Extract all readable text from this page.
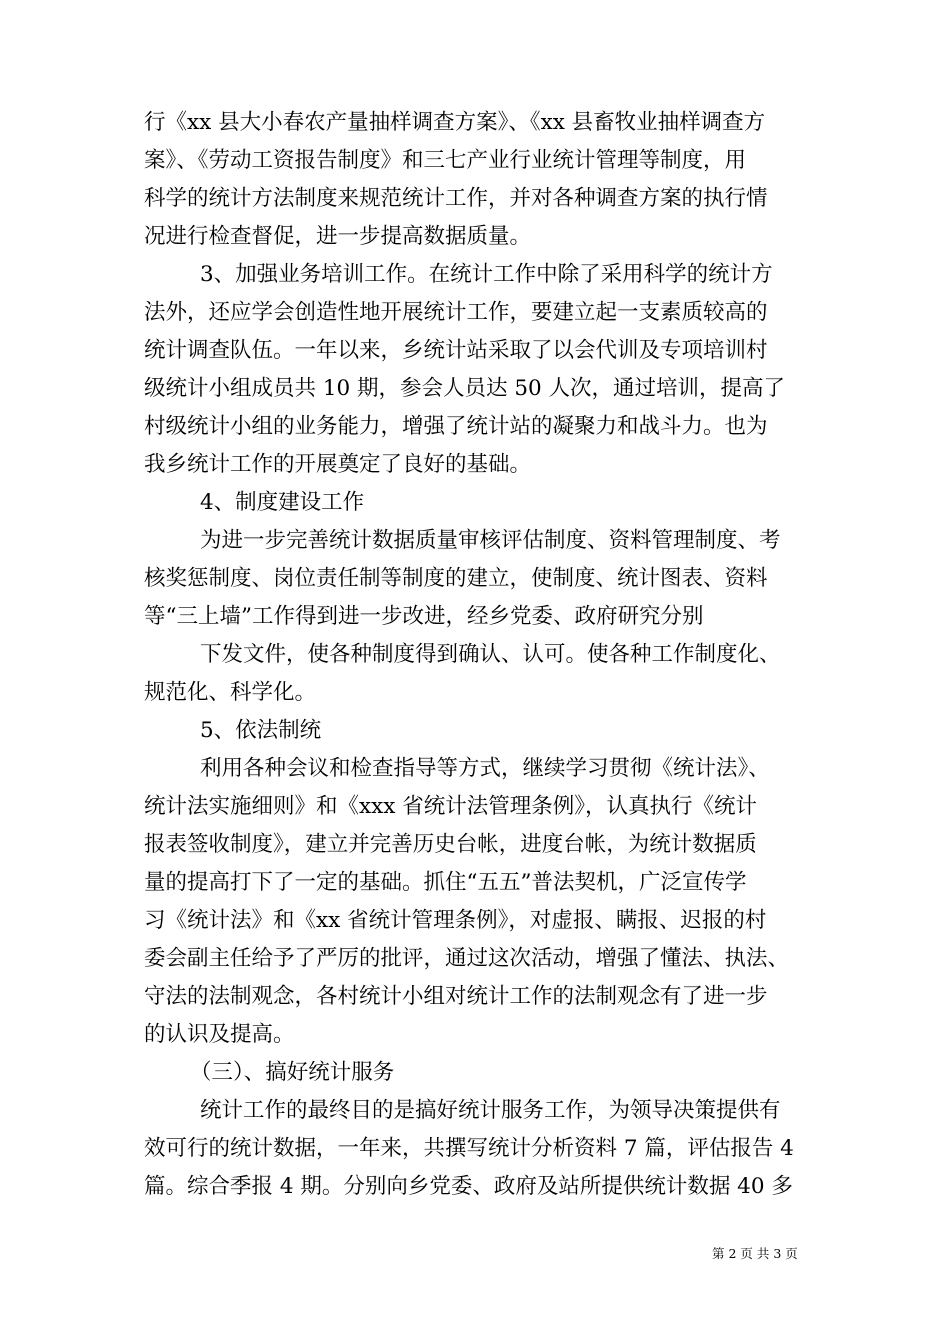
行《xx 县大小春农产量抽样调查方案》、《xx 县畜牧业抽样调查方
案》、《劳动工资报告制度》和三七产业行业统计管理等制度，用
科学的统计方法制度来规范统计工作，并对各种调查方案的执行情
况进行检查督促，进一步提高数据质量。
3、加强业务培训工作。在统计工作中除了采用科学的统计方
法外，还应学会创造性地开展统计工作，要建立起一支素质较高的
统计调查队伍。一年以来，乡统计站采取了以会代训及专项培训村
级统计小组成员共 10 期，参会人员达 50 人次，通过培训，提高了
村级统计小组的业务能力，增强了统计站的凝聚力和战斗力。也为
我乡统计工作的开展奠定了良好的基础。
4、制度建设工作
为进一步完善统计数据质量审核评估制度、资料管理制度、考
核奖惩制度、岗位责任制等制度的建立，使制度、统计图表、资料
等“三上墙”工作得到进一步改进，经乡党委、政府研究分别
下发文件，使各种制度得到确认、认可。使各种工作制度化、
规范化、科学化。
5、依法制统
利用各种会议和检查指导等方式，继续学习贯彻《统计法》、
统计法实施细则》和《xxx 省统计法管理条例》，认真执行《统计
报表签收制度》，建立并完善历史台帐，进度台帐，为统计数据质
量的提高打下了一定的基础。抓住“五五”普法契机，广泛宣传学
习《统计法》和《xx 省统计管理条例》，对虚报、瞒报、迟报的村
委会副主任给予了严厉的批评，通过这次活动，增强了懂法、执法、
守法的法制观念，各村统计小组对统计工作的法制观念有了进一步
的认识及提高。
（三）、搞好统计服务
统计工作的最终目的是搞好统计服务工作，为领导决策提供有
效可行的统计数据，一年来，共撰写统计分析资料 7 篇，评估报告 4
篇。综合季报 4 期。分别向乡党委、政府及站所提供统计数据 40 多
第 2 页 共 3 页
